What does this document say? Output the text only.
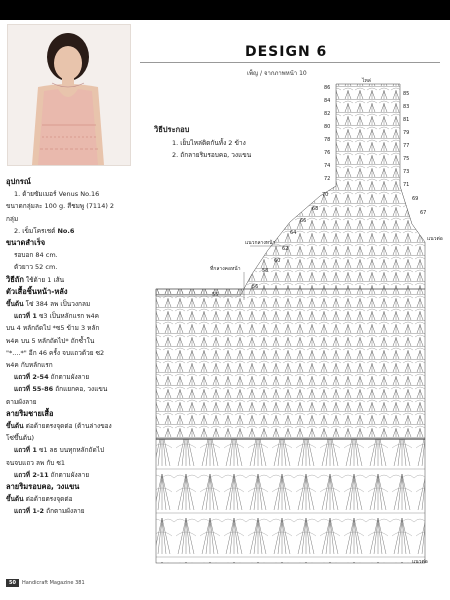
DESIGN 6
เพ็ญ / จากภาพหน้า 10
อุปกรณ์
1. ด้ายซัมเมอร์ Venus No.16
ขนาดกลุ่มละ 100 g. สีชมพู (7114) 2
กลุ่ม
2. เข็มโครเชต์ No.6
ขนาดสำเร็จ
รอบอก 84 cm.
ตัวยาว 52 cm.
วิธีถัก ใช้ด้าย 1 เส้น
ตัวเสื้อชิ้นหน้า-หลัง
ขึ้นต้น โซ่ 384 ลพ เป็นวงกลม
แถวที่ 1 ซ3 เป็นหลักแรก พ4ค
บน 4 หลักถัดไป *ซ5 ข้าม 3 หลัก
พ4ค บน 5 หลักถัดไป* ถักซ้ำใน
"*....*" อีก 46 ครั้ง จบแถวด้วย ซ2
พ4ค กับหลักแรก
แถวที่ 2-54 ถักตามผังลาย
แถวที่ 55-86 ถักแยกคอ, วงแขน
ตามผังลาย
ลายริมชายเสื้อ
ขึ้นต้น ต่อด้ายตรงจุดต่อ (ด้านล่างของ
โซ่ขึ้นต้น)
แถวที่ 1 ซ1 ลธ บนทุกหลักถัดไป
จนจบแถว ลพ กับ ซ1
แถวที่ 2-11 ถักตามผังลาย
ลายริมรอบคอ, วงแขน
ขึ้นต้น ต่อด้ายตรงจุดต่อ
แถวที่ 1-2 ถักตามผังลาย
วิธีประกอบ
1. เย็บไหล่ติดกันทั้ง 2 ข้าง
2. ถักลายริมรอบคอ, วงแขน
ไหล่
แนวต่อ
แนวกลางหน้า
ที่กลางคอหน้า
แนวต่อ
86
84
82
80
78
76
74
72
70
68
66
64
62
60
58
56
55
85
83
81
79
77
75
73
71
69
67
50 Handicraft Magazine 381
